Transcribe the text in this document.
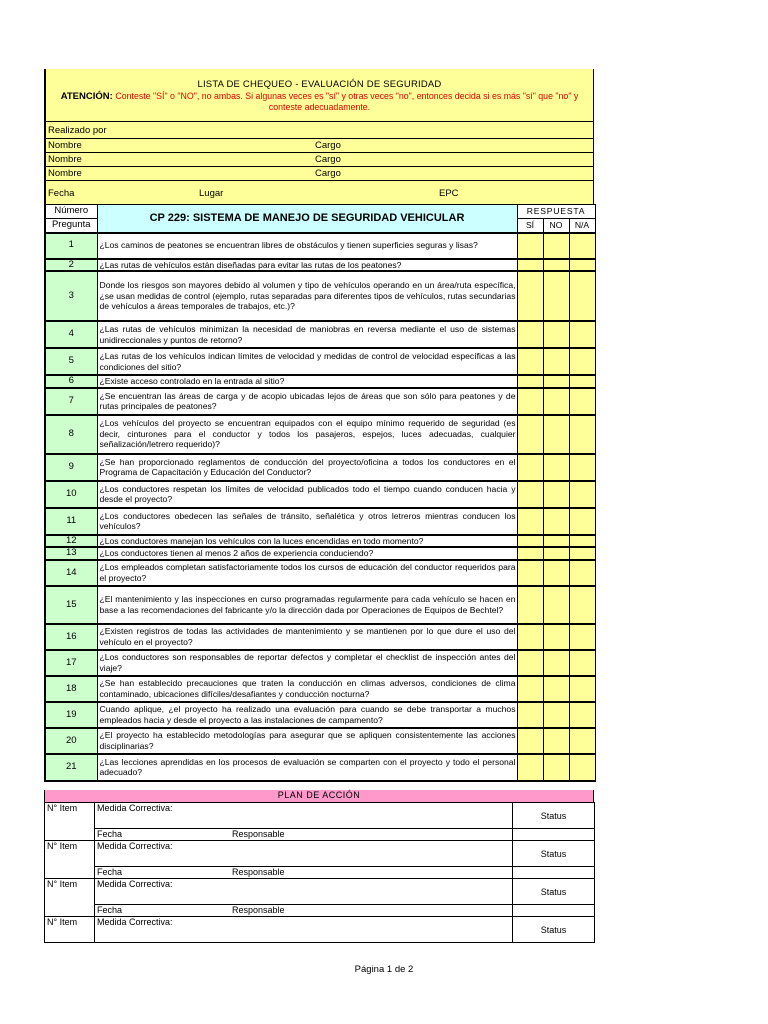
LISTA DE CHEQUEO - EVALUACIÓN DE SEGURIDAD
ATENCIÓN: Conteste "SÍ" o "NO", no ambas. Si algunas veces es "sí" y otras veces "no", entonces decida si es más "sí" que "no" y conteste adecuadamente.
Realizado por
Nombre	Cargo
Nombre	Cargo
Nombre	Cargo
Fecha	Lugar	EPC
Número	CP 229: SISTEMA DE MANEJO DE SEGURIDAD VEHICULAR	RESPUESTA		
Pregunta		SÍ	NO	N/A
1	¿Los caminos de peatones se encuentran libres de obstáculos y tienen superficies seguras y lisas?			
2	¿Las rutas de vehículos están diseñadas para evitar las rutas de los peatones?			
3	Donde los riesgos son mayores debido al volumen y tipo de vehículos operando en un área/ruta específica, ¿se usan medidas de control (ejemplo, rutas separadas para diferentes tipos de vehículos, rutas secundarias de vehículos a áreas temporales de trabajos, etc.)?			
4	¿Las rutas de vehículos minimizan la necesidad de maniobras en reversa mediante el uso de sistemas unidireccionales y puntos de retorno?			
5	¿Las rutas de los vehículos indican límites de velocidad y medidas de control de velocidad específicas a las condiciones del sitio?			
6	¿Existe acceso controlado en la entrada al sitio?			
7	¿Se encuentran las áreas de carga y de acopio ubicadas lejos de áreas que son sólo para peatones y de rutas principales de peatones?			
8	¿Los vehículos del proyecto se encuentran equipados con el equipo mínimo requerido de seguridad (es decir, cinturones para el conductor y todos los pasajeros, espejos, luces adecuadas, cualquier señalización/letrero requerido)?			
9	¿Se han proporcionado reglamentos de conducción del proyecto/oficina a todos los conductores en el Programa de Capacitación y Educación del Conductor?			
10	¿Los conductores respetan los límites de velocidad publicados todo el tiempo cuando conducen hacia y desde el proyecto?			
11	¿Los conductores obedecen las señales de tránsito, señalética y otros letreros mientras conducen los vehículos?			
12	¿Los conductores manejan los vehículos con la luces encendidas en todo momento?			
13	¿Los conductores tienen al menos 2 años de experiencia conduciendo?			
14	¿Los empleados completan satisfactoriamente todos los cursos de educación del conductor requeridos para el proyecto?			
15	¿El mantenimiento y las inspecciones en curso programadas regularmente para cada vehículo se hacen en base a las recomendaciones del fabricante y/o la dirección dada por Operaciones de Equipos de Bechtel?			
16	¿Existen registros de todas las actividades de mantenimiento y se mantienen por lo que dure el uso del vehículo en el proyecto?			
17	¿Los conductores son responsables de reportar defectos y completar el checklist de inspección antes del viaje?			
18	¿Se han establecido precauciones que traten la conducción en climas adversos, condiciones de clima contaminado, ubicaciones difíciles/desafiantes y conducción nocturna?			
19	Cuando aplique, ¿el proyecto ha realizado una evaluación para cuando se debe transportar a muchos empleados hacia y desde el proyecto a las instalaciones de campamento?			
20	¿El proyecto ha establecido metodologías para asegurar que se apliquen consistentemente las acciones disciplinarias?			
21	¿Las lecciones aprendidas en los procesos de evaluación se comparten con el proyecto y todo el personal adecuado?			
PLAN DE ACCIÓN
N° Item	Medida Correctiva:	Status
	Fecha Responsable	
N° Item	Medida Correctiva:	Status
	Fecha Responsable	
N° Item	Medida Correctiva:	Status
	Fecha Responsable	
N° Item	Medida Correctiva:	Status
Página 1 de 2
